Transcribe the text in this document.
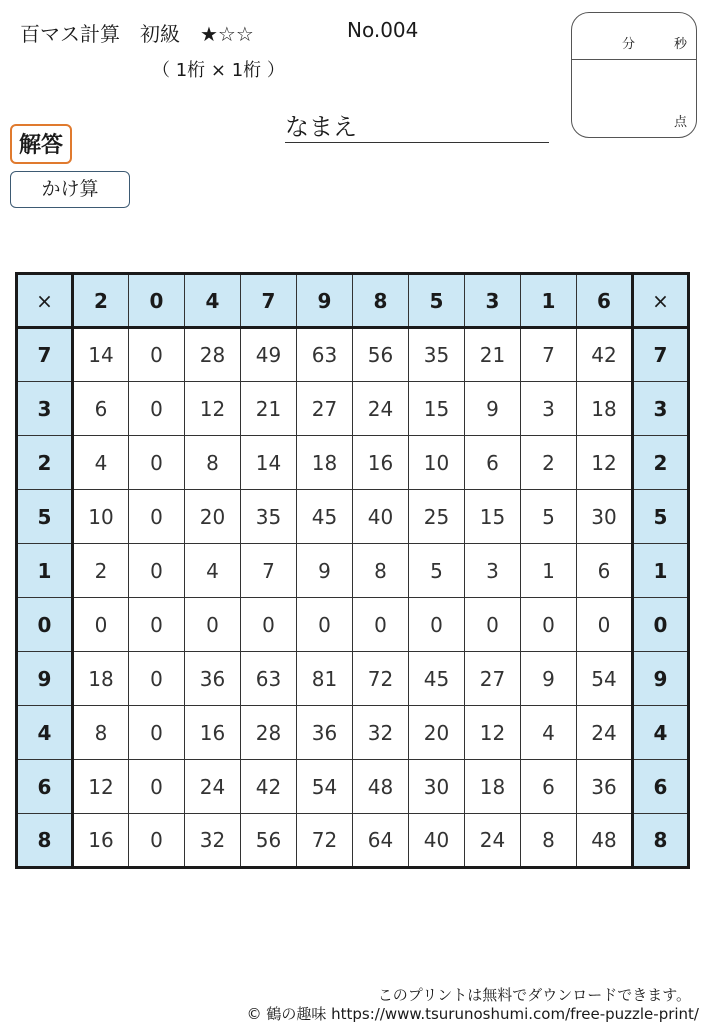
百マス計算　初級　★☆☆	No.004
（ 1桁 × 1桁 ）
分	秒
点
解答
かけ算
なまえ
×	2	0	4	7	9	8	5	3	1	6	×
7	14	0	28	49	63	56	35	21	7	42	7
3	6	0	12	21	27	24	15	9	3	18	3
2	4	0	8	14	18	16	10	6	2	12	2
5	10	0	20	35	45	40	25	15	5	30	5
1	2	0	4	7	9	8	5	3	1	6	1
0	0	0	0	0	0	0	0	0	0	0	0
9	18	0	36	63	81	72	45	27	9	54	9
4	8	0	16	28	36	32	20	12	4	24	4
6	12	0	24	42	54	48	30	18	6	36	6
8	16	0	32	56	72	64	40	24	8	48	8
このプリントは無料でダウンロードできます。
© 鶴の趣味 https://www.tsurunoshumi.com/free-puzzle-print/
